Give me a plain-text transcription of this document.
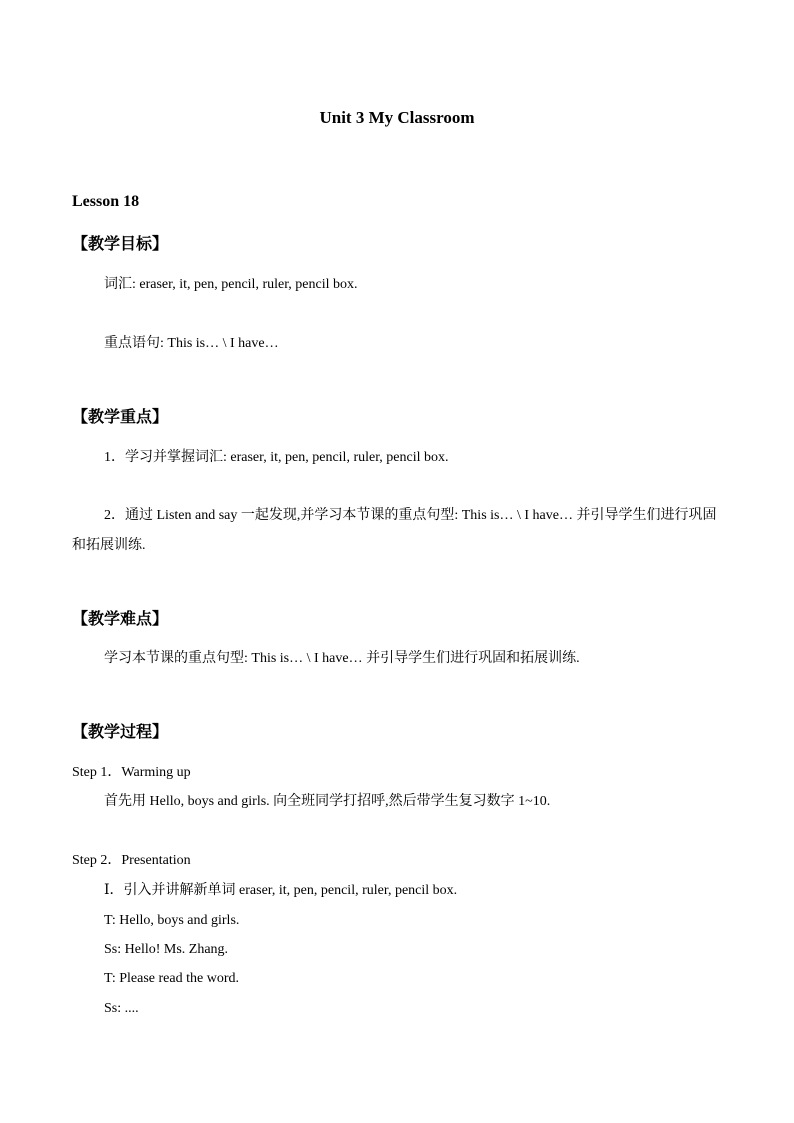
Unit 3 My Classroom
Lesson 18
【教学目标】
词汇: eraser, it, pen, pencil, ruler, pencil box.
重点语句: This is… \ I have…
【教学重点】
1．学习并掌握词汇: eraser, it, pen, pencil, ruler, pencil box.
2．通过 Listen and say 一起发现,并学习本节课的重点句型: This is… \ I have… 并引导学生们进行巩固和拓展训练.
【教学难点】
学习本节课的重点句型: This is… \ I have… 并引导学生们进行巩固和拓展训练.
【教学过程】
Step 1．Warming up
首先用 Hello, boys and girls. 向全班同学打招呼,然后带学生复习数字 1~10.
Step 2．Presentation
Ⅰ．引入并讲解新单词 eraser, it, pen, pencil, ruler, pencil box.
T: Hello, boys and girls.
Ss: Hello! Ms. Zhang.
T: Please read the word.
Ss: ....
